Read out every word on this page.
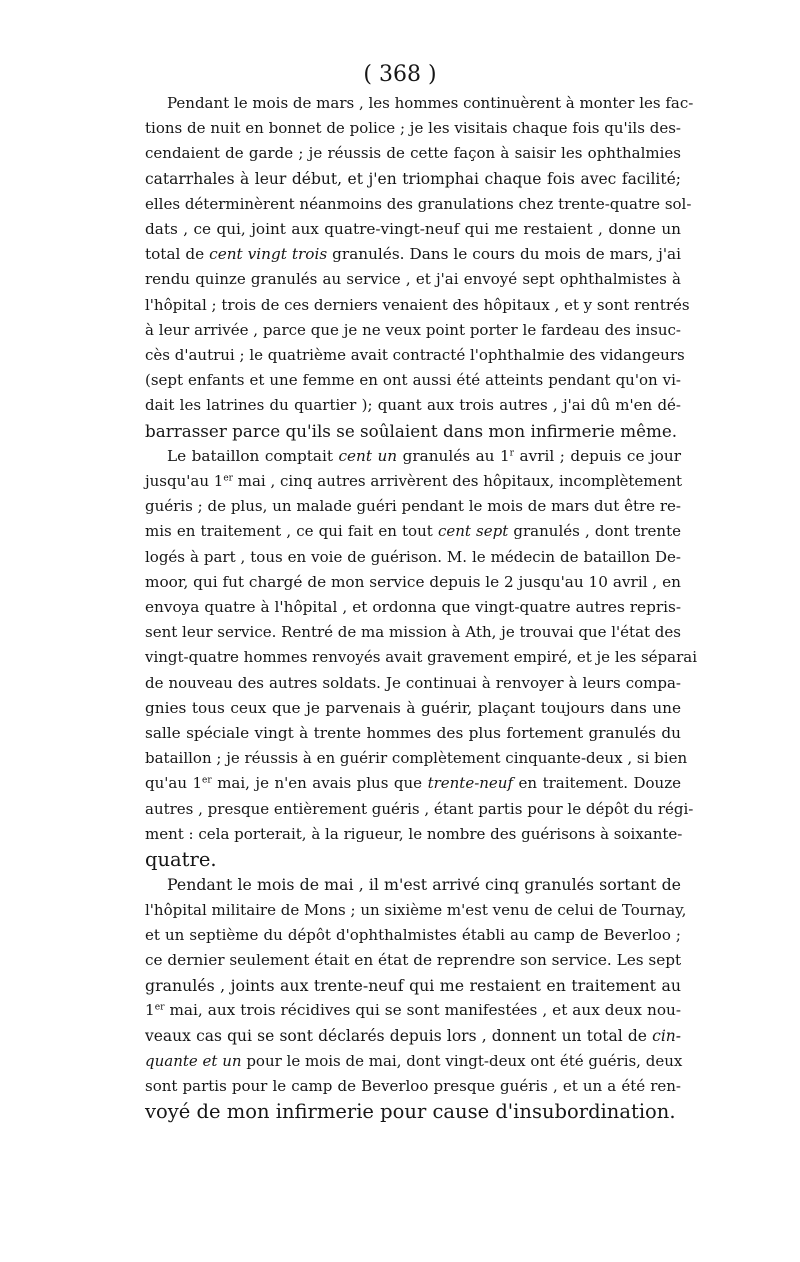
( 368 )
Pendant le mois de mars , les hommes continuèrent à monter les fac-
tions de nuit en bonnet de police ; je les visitais chaque fois qu'ils des-
cendaient de garde ; je réussis de cette façon à saisir les ophthalmies
catarrhales à leur début, et j'en triomphai chaque fois avec facilité;
elles déterminèrent néanmoins des granulations chez trente-quatre sol-
dats , ce qui, joint aux quatre-vingt-neuf qui me restaient , donne un
total de cent vingt trois granulés. Dans le cours du mois de mars, j'ai
rendu quinze granulés au service , et j'ai envoyé sept ophthalmistes à
l'hôpital ; trois de ces derniers venaient des hôpitaux , et y sont rentrés
à leur arrivée , parce que je ne veux point porter le fardeau des insuc-
cès d'autrui ; le quatrième avait contracté l'ophthalmie des vidangeurs
(sept enfants et une femme en ont aussi été atteints pendant qu'on vi-
dait les latrines du quartier ); quant aux trois autres , j'ai dû m'en dé-
barrasser parce qu'ils se soûlaient dans mon infirmerie même.
Le bataillon comptait cent un granulés au 1$^r$ avril ; depuis ce jour
jusqu'au 1er mai , cinq autres arrivèrent des hôpitaux, incomplètement
guéris ; de plus, un malade guéri pendant le mois de mars dut être re-
mis en traitement , ce qui fait en tout cent sept granulés , dont trente
logés à part , tous en voie de guérison. M. le médecin de bataillon De-
moor, qui fut chargé de mon service depuis le 2 jusqu'au 10 avril , en
envoya quatre à l'hôpital , et ordonna que vingt-quatre autres repris-
sent leur service. Rentré de ma mission à Ath, je trouvai que l'état des
vingt-quatre hommes renvoyés avait gravement empiré, et je les séparai
de nouveau des autres soldats. Je continuai à renvoyer à leurs compa-
gnies tous ceux que je parvenais à guérir, plaçant toujours dans une
salle spéciale vingt à trente hommes des plus fortement granulés du
bataillon ; je réussis à en guérir complètement cinquante-deux , si bien
qu'au 1er mai, je n'en avais plus que trente-neuf en traitement. Douze
autres , presque entièrement guéris , étant partis pour le dépôt du régi-
ment : cela porterait, à la rigueur, le nombre des guérisons à soixante-
quatre.
Pendant le mois de mai , il m'est arrivé cinq granulés sortant de
l'hôpital militaire de Mons ; un sixième m'est venu de celui de Tournay,
et un septième du dépôt d'ophthalmistes établi au camp de Beverloo ;
ce dernier seulement était en état de reprendre son service. Les sept
granulés , joints aux trente-neuf qui me restaient en traitement au
1er mai, aux trois récidives qui se sont manifestées , et aux deux nou-
veaux cas qui se sont déclarés depuis lors , donnent un total de cin-
quante et un pour le mois de mai, dont vingt-deux ont été guéris, deux
sont partis pour le camp de Beverloo presque guéris , et un a été ren-
voyé de mon infirmerie pour cause d'insubordination.
